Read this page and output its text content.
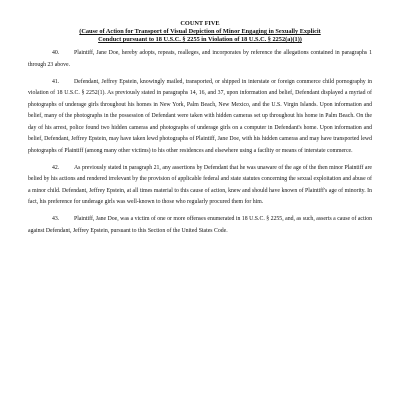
COUNT FIVE
(Cause of Action for Transport of Visual Depiction of Minor Engaging in Sexually Explicit
Conduct pursuant to 18 U.S.C. § 2255 in Violation of 18 U.S.C. § 2252(a)(1))

40.	Plaintiff, Jane Doe, hereby adopts, repeats, realleges, and incorporates by reference the allegations contained in paragraphs 1 through 23 above.

41.	Defendant, Jeffrey Epstein, knowingly mailed, transported, or shipped in interstate or foreign commerce child pornography in violation of 18 U.S.C. § 2252(1). As previously stated in paragraphs 14, 16, and 37, upon information and belief, Defendant displayed a myriad of photographs of underage girls throughout his homes in New York, Palm Beach, New Mexico, and the U.S. Virgin Islands. Upon information and belief, many of the photographs in the possession of Defendant were taken with hidden cameras set up throughout his home in Palm Beach. On the day of his arrest, police found two hidden cameras and photographs of underage girls on a computer in Defendant's home. Upon information and belief, Defendant, Jeffrey Epstein, may have taken lewd photographs of Plaintiff, Jane Doe, with his hidden cameras and may have transported lewd photographs of Plaintiff (among many other victims) to his other residences and elsewhere using a facility or means of interstate commerce.

42.	As previously stated in paragraph 21, any assertions by Defendant that he was unaware of the age of the then minor Plaintiff are belied by his actions and rendered irrelevant by the provision of applicable federal and state statutes concerning the sexual exploitation and abuse of a minor child. Defendant, Jeffrey Epstein, at all times material to this cause of action, knew and should have known of Plaintiff's age of minority. In fact, his preference for underage girls was well-known to those who regularly procured them for him.

43.	Plaintiff, Jane Doe, was a victim of one or more offenses enumerated in 18 U.S.C. § 2255, and, as such, asserts a cause of action against Defendant, Jeffrey Epstein, pursuant to this Section of the United States Code.
